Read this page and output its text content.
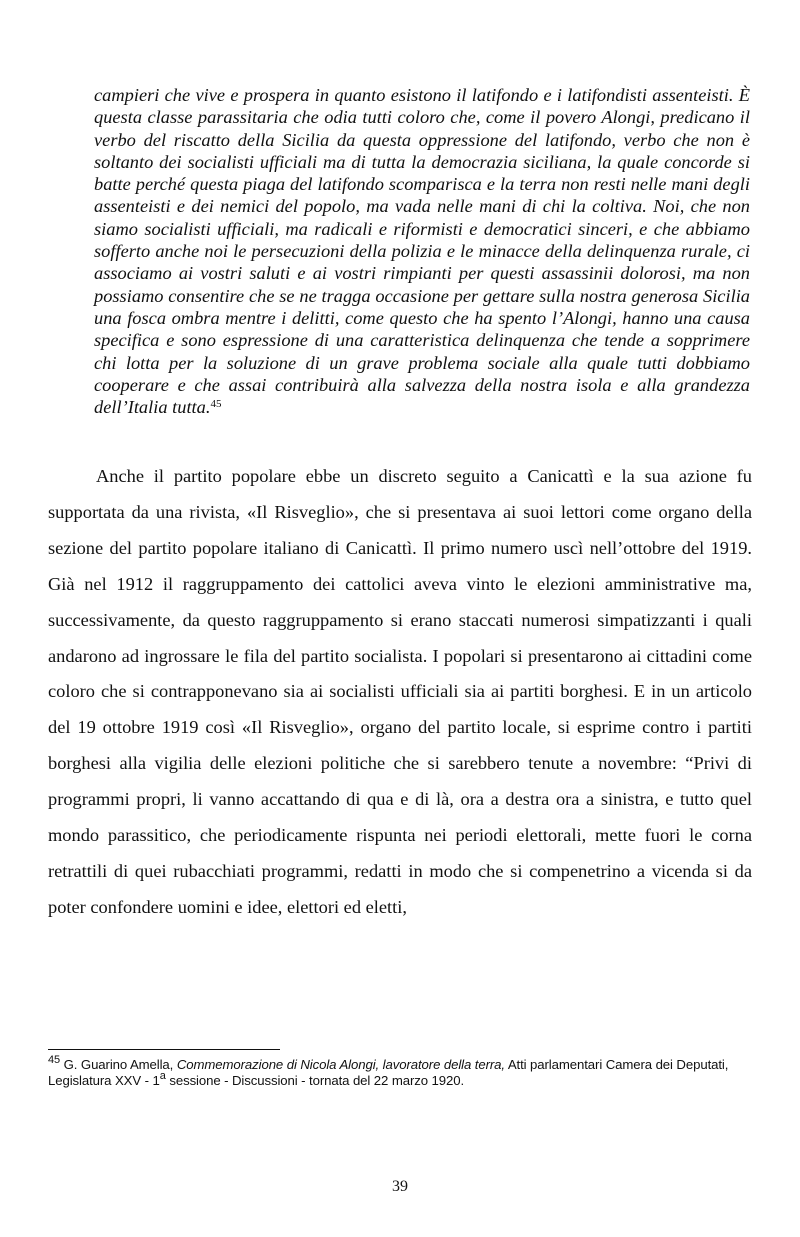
campieri che vive e prospera in quanto esistono il latifondo e i latifondisti assenteisti. È questa classe parassitaria che odia tutti coloro che, come il povero Alongi, predicano il verbo del riscatto della Sicilia da questa oppressione del latifondo, verbo che non è soltanto dei socialisti ufficiali ma di tutta la democrazia siciliana, la quale concorde si batte perché questa piaga del latifondo scomparisca e la terra non resti nelle mani degli assenteisti e dei nemici del popolo, ma vada nelle mani di chi la coltiva. Noi, che non siamo socialisti ufficiali, ma radicali e riformisti e democratici sinceri, e che abbiamo sofferto anche noi le persecuzioni della polizia e le minacce della delinquenza rurale, ci associamo ai vostri saluti e ai vostri rimpianti per questi assassinii dolorosi, ma non possiamo consentire che se ne tragga occasione per gettare sulla nostra generosa Sicilia una fosca ombra mentre i delitti, come questo che ha spento l’Alongi, hanno una causa specifica e sono espressione di una caratteristica delinquenza che tende a sopprimere chi lotta per la soluzione di un grave problema sociale alla quale tutti dobbiamo cooperare e che assai contribuirà alla salvezza della nostra isola e alla grandezza dell’Italia tutta.$^{45}$

Anche il partito popolare ebbe un discreto seguito a Canicattì e la sua azione fu supportata da una rivista, «Il Risveglio», che si presentava ai suoi lettori come organo della sezione del partito popolare italiano di Canicattì. Il primo numero uscì nell’ottobre del 1919. Già nel 1912 il raggruppamento dei cattolici aveva vinto le elezioni amministrative ma, successivamente, da questo raggruppamento si erano staccati numerosi simpatizzanti i quali andarono ad ingrossare le fila del partito socialista. I popolari si presentarono ai cittadini come coloro che si contrapponevano sia ai socialisti ufficiali sia ai partiti borghesi. E in un articolo del 19 ottobre 1919 così «Il Risveglio», organo del partito locale, si esprime contro i partiti borghesi alla vigilia delle elezioni politiche che si sarebbero tenute a novembre: “Privi di programmi propri, li vanno accattando di qua e di là, ora a destra ora a sinistra, e tutto quel mondo parassitico, che periodicamente rispunta nei periodi elettorali, mette fuori le corna retrattili di quei rubacchiati programmi, redatti in modo che si compenetrino a vicenda si da poter confondere uomini e idee, elettori ed eletti,

$^{45}$ G. Guarino Amella, Commemorazione di Nicola Alongi, lavoratore della terra, Atti parlamentari Camera dei Deputati, Legislatura XXV - 1$^a$ sessione - Discussioni - tornata del 22 marzo 1920.

39
